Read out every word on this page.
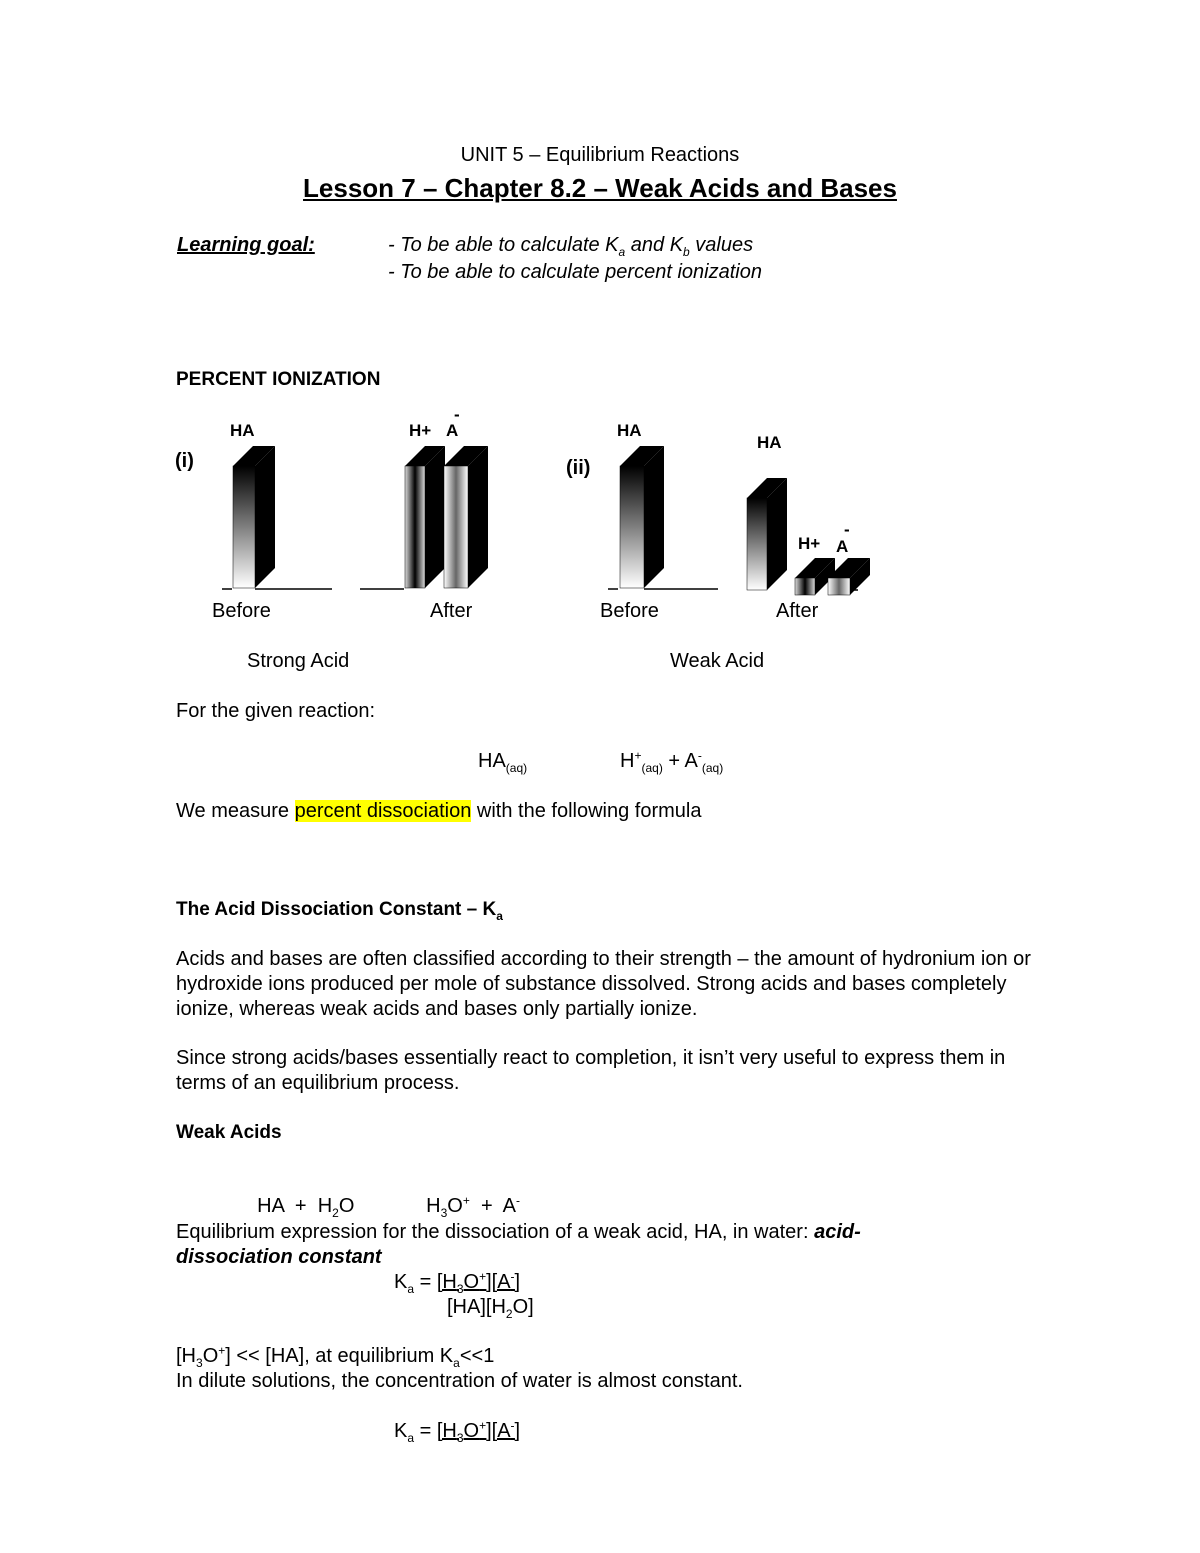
UNIT 5 – Equilibrium Reactions
Lesson 7 – Chapter 8.2 – Weak Acids and Bases
Learning goal:	- To be able to calculate $K_a$ and $K_b$ values
- To be able to calculate percent ionization
PERCENT IONIZATION
(i)
HA	H+ A
-
(ii)
HA
HA
H+ A
-
Before	After	Before	After
Strong Acid	Weak Acid
For the given reaction:
$HA_{(aq)}$	$H^+_{(aq)} + A^-_{(aq)}$
We measure percent dissociation with the following formula
The Acid Dissociation Constant – $K_a$
Acids and bases are often classified according to their strength – the amount of hydronium ion or hydroxide ions produced per mole of substance dissolved. Strong acids and bases completely ionize, whereas weak acids and bases only partially ionize.
Since strong acids/bases essentially react to completion, it isn’t very useful to express them in terms of an equilibrium process.
Weak Acids

HA  +  $H_2O$	$H_3O^+ + A^-$

Equilibrium expression for the dissociation of a weak acid, HA, in water: acid-
dissociation constant
$K_a = [H_3O^+][A^-]$
$[HA][H_2O]$
$[H_3O^+] << [HA]$, at equilibrium $K_a<<1$
In dilute solutions, the concentration of water is almost constant.
$K_a = [H_3O^+][A^-]$
